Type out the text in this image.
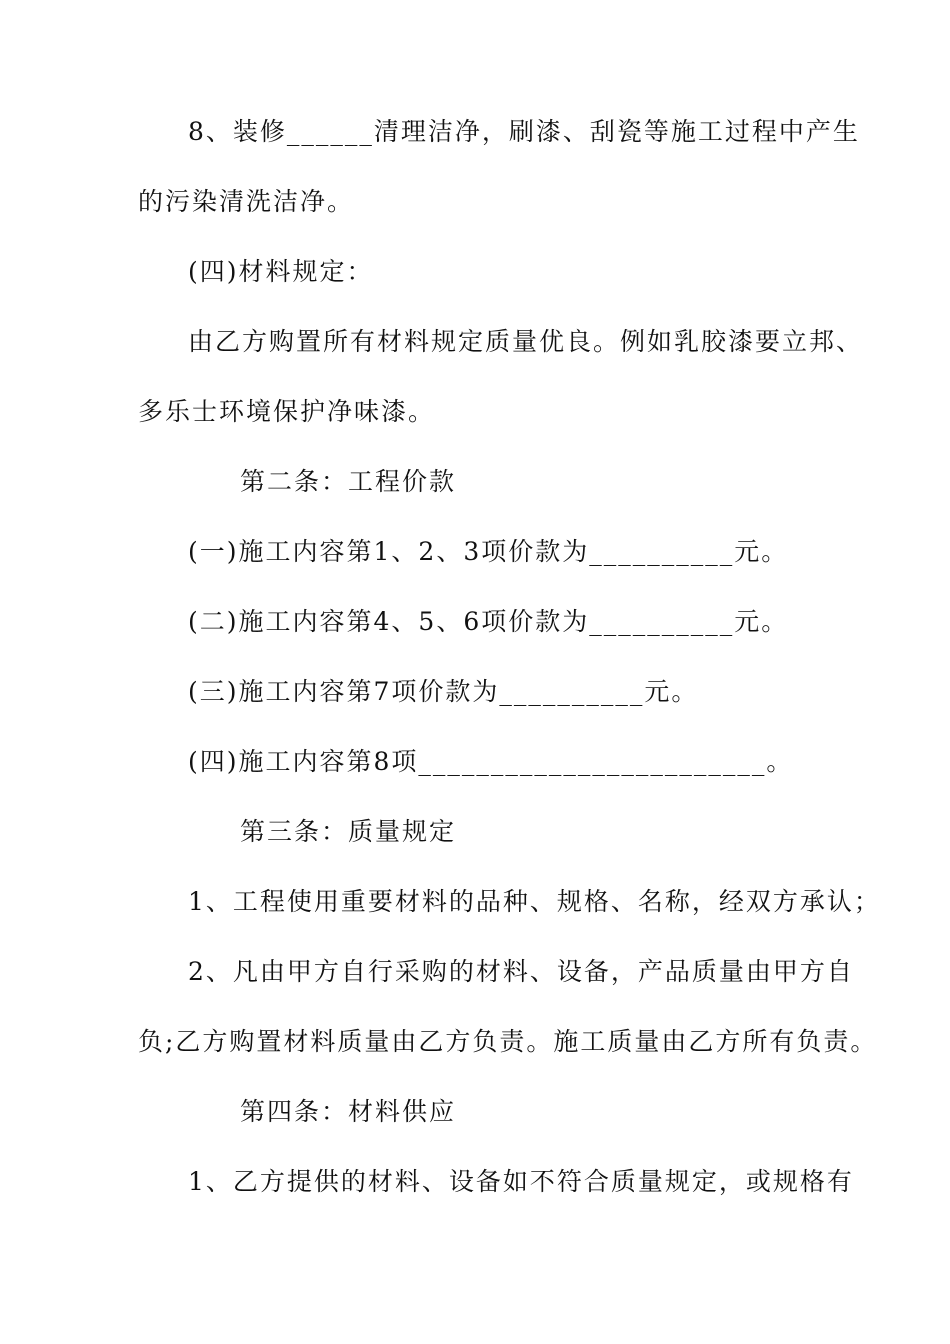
8、装修______清理洁净，刷漆、刮瓷等施工过程中产生
的污染清洗洁净。
(四)材料规定：
由乙方购置所有材料规定质量优良。例如乳胶漆要立邦、
多乐士环境保护净味漆。
第二条：工程价款
(一)施工内容第1、2、3项价款为__________元。
(二)施工内容第4、5、6项价款为__________元。
(三)施工内容第7项价款为__________元。
(四)施工内容第8项________________________。
第三条：质量规定
1、工程使用重要材料的品种、规格、名称，经双方承认；
2、凡由甲方自行采购的材料、设备，产品质量由甲方自
负;乙方购置材料质量由乙方负责。施工质量由乙方所有负责。
第四条：材料供应
1、乙方提供的材料、设备如不符合质量规定，或规格有
